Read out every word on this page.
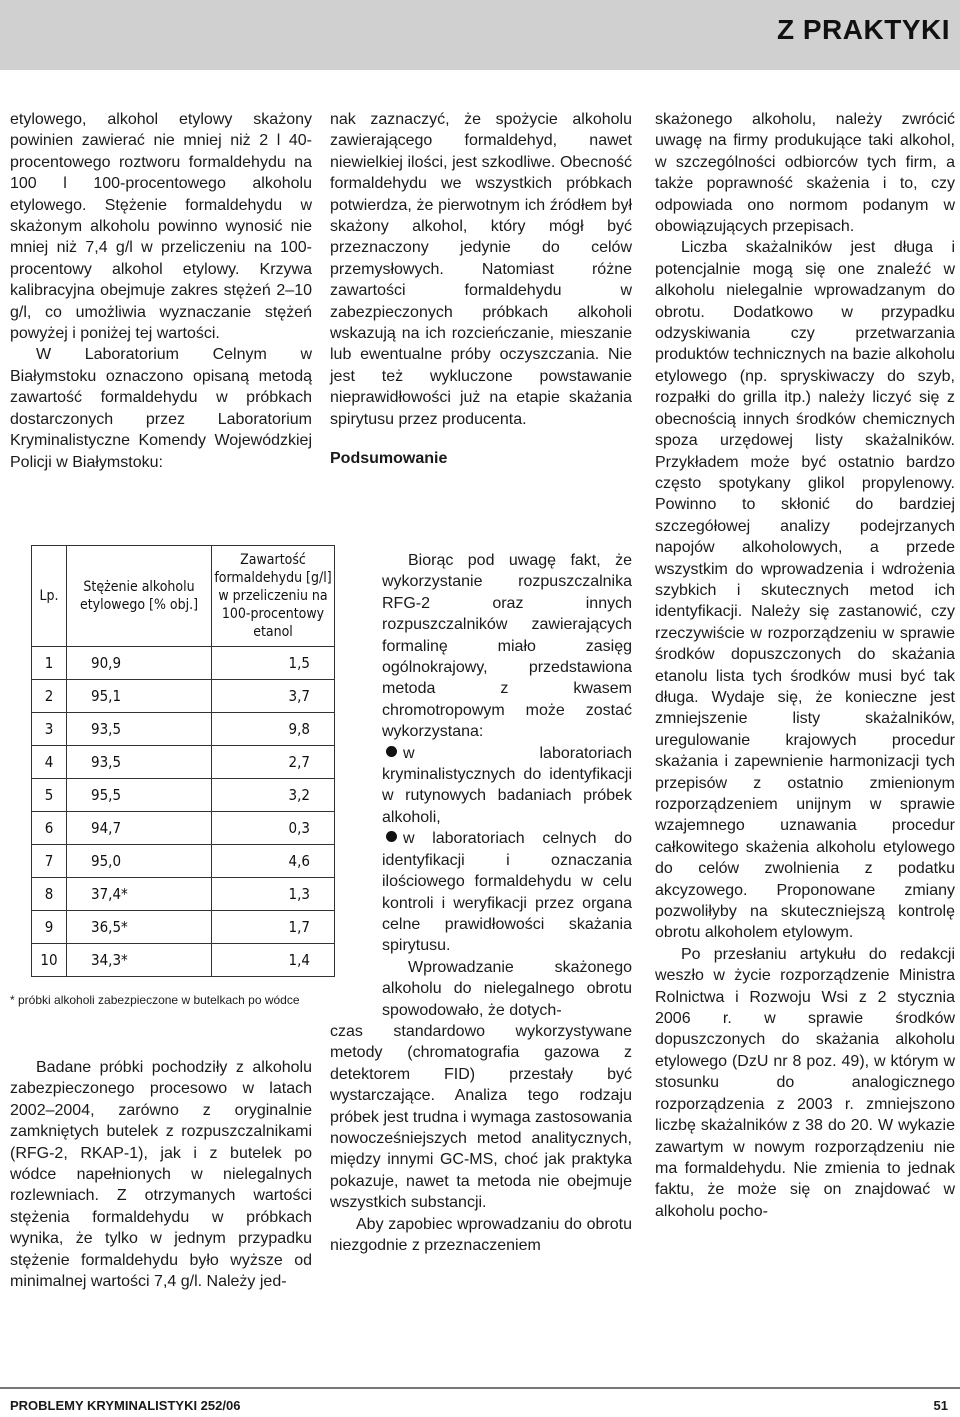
Z PRAKTYKI

etylowego, alkohol etylowy skażony powinien zawierać nie mniej niż 2 l 40-procentowego roztworu formaldehydu na 100 l 100-procentowego alkoholu etylowego. Stężenie formaldehydu w skażonym alkoholu powinno wynosić nie mniej niż 7,4 g/l w przeliczeniu na 100-procentowy alkohol etylowy. Krzywa kalibracyjna obejmuje zakres stężeń 2–10 g/l, co umożliwia wyznaczanie stężeń powyżej i poniżej tej wartości.

W Laboratorium Celnym w Białymstoku oznaczono opisaną metodą zawartość formaldehydu w próbkach dostarczonych przez Laboratorium Kryminalistyczne Komendy Wojewódzkiej Policji w Białymstoku:

Lp.	Stężenie alkoholu etylowego [% obj.]	Zawartość formaldehydu [g/l] w przeliczeniu na 100-procentowy etanol
1	90,9	1,5
2	95,1	3,7
3	93,5	9,8
4	93,5	2,7
5	95,5	3,2
6	94,7	0,3
7	95,0	4,6
8	37,4*	1,3
9	36,5*	1,7
10	34,3*	1,4
* próbki alkoholi zabezpieczone w butelkach po wódce

Badane próbki pochodziły z alkoholu zabezpieczonego procesowo w latach 2002–2004, zarówno z oryginalnie zamkniętych butelek z rozpuszczalnikami (RFG-2, RKAP-1), jak i z butelek po wódce napełnionych w nielegalnych rozlewniach. Z otrzymanych wartości stężenia formaldehydu w próbkach wynika, że tylko w jednym przypadku stężenie formaldehydu było wyższe od minimalnej wartości 7,4 g/l. Należy jed-

nak zaznaczyć, że spożycie alkoholu zawierającego formaldehyd, nawet niewielkiej ilości, jest szkodliwe. Obecność formaldehydu we wszystkich próbkach potwierdza, że pierwotnym ich źródłem był skażony alkohol, który mógł być przeznaczony jedynie do celów przemysłowych. Natomiast różne zawartości formaldehydu w zabezpieczonych próbkach alkoholi wskazują na ich rozcieńczanie, mieszanie lub ewentualne próby oczyszczania. Nie jest też wykluczone powstawanie nieprawidłowości już na etapie skażania spirytusu przez producenta.

Podsumowanie

Biorąc pod uwagę fakt, że wykorzystanie rozpuszczalnika RFG-2 oraz innych rozpuszczalników zawierających formalinę miało zasięg ogólnokrajowy, przedstawiona metoda z kwasem chromotropowym może zostać wykorzystana:

w laboratoriach kryminalistycznych do identyfikacji w rutynowych badaniach próbek alkoholi,

w laboratoriach celnych do identyfikacji i oznaczania ilościowego formaldehydu w celu kontroli i weryfikacji przez organa celne prawidłowości skażania spirytusu.

Wprowadzanie skażonego alkoholu do nielegalnego obrotu spowodowało, że dotych-

czas standardowo wykorzystywane metody (chromatografia gazowa z detektorem FID) przestały być wystarczające. Analiza tego rodzaju próbek jest trudna i wymaga zastosowania nowocześniejszych metod analitycznych, między innymi GC-MS, choć jak praktyka pokazuje, nawet ta metoda nie obejmuje wszystkich substancji.

Aby zapobiec wprowadzaniu do obrotu niezgodnie z przeznaczeniem

skażonego alkoholu, należy zwrócić uwagę na firmy produkujące taki alkohol, w szczególności odbiorców tych firm, a także poprawność skażenia i to, czy odpowiada ono normom podanym w obowiązujących przepisach.

Liczba skażalników jest długa i potencjalnie mogą się one znaleźć w alkoholu nielegalnie wprowadzanym do obrotu. Dodatkowo w przypadku odzyskiwania czy przetwarzania produktów technicznych na bazie alkoholu etylowego (np. spryskiwaczy do szyb, rozpałki do grilla itp.) należy liczyć się z obecnością innych środków chemicznych spoza urzędowej listy skażalników. Przykładem może być ostatnio bardzo często spotykany glikol propylenowy. Powinno to skłonić do bardziej szczegółowej analizy podejrzanych napojów alkoholowych, a przede wszystkim do wprowadzenia i wdrożenia szybkich i skutecznych metod ich identyfikacji. Należy się zastanowić, czy rzeczywiście w rozporządzeniu w sprawie środków dopuszczonych do skażania etanolu lista tych środków musi być tak długa. Wydaje się, że konieczne jest zmniejszenie listy skażalników, uregulowanie krajowych procedur skażania i zapewnienie harmonizacji tych przepisów z ostatnio zmienionym rozporządzeniem unijnym w sprawie wzajemnego uznawania procedur całkowitego skażenia alkoholu etylowego do celów zwolnienia z podatku akcyzowego. Proponowane zmiany pozwoliłyby na skuteczniejszą kontrolę obrotu alkoholem etylowym.

Po przesłaniu artykułu do redakcji weszło w życie rozporządzenie Ministra Rolnictwa i Rozwoju Wsi z 2 stycznia 2006 r. w sprawie środków dopuszczonych do skażania alkoholu etylowego (DzU nr 8 poz. 49), w którym w stosunku do analogicznego rozporządzenia z 2003 r. zmniejszono liczbę skażalników z 38 do 20. W wykazie zawartym w nowym rozporządzeniu nie ma formaldehydu. Nie zmienia to jednak faktu, że może się on znajdować w alkoholu pocho-

PROBLEMY KRYMINALISTYKI 252/06	51
